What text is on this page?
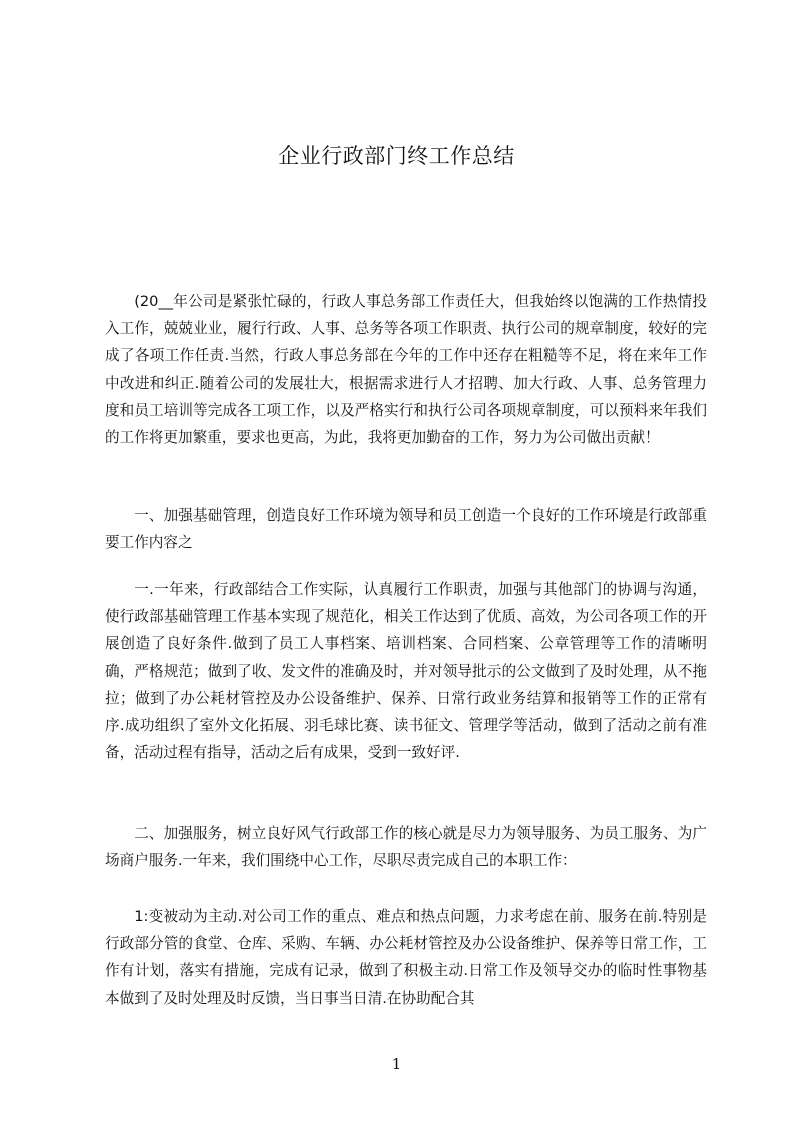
企业行政部门终工作总结

(20__年公司是紧张忙碌的，行政人事总务部工作责任大，但我始终以饱满的工作热情投入工作，兢兢业业，履行行政、人事、总务等各项工作职责、执行公司的规章制度，较好的完成了各项工作任责.当然，行政人事总务部在今年的工作中还存在粗糙等不足，将在来年工作中改进和纠正.随着公司的发展壮大，根据需求进行人才招聘、加大行政、人事、总务管理力度和员工培训等完成各工项工作，以及严格实行和执行公司各项规章制度，可以预料来年我们的工作将更加繁重，要求也更高，为此，我将更加勤奋的工作，努力为公司做出贡献！

一、加强基础管理，创造良好工作环境为领导和员工创造一个良好的工作环境是行政部重要工作内容之

一.一年来，行政部结合工作实际，认真履行工作职责，加强与其他部门的协调与沟通，使行政部基础管理工作基本实现了规范化，相关工作达到了优质、高效，为公司各项工作的开展创造了良好条件.做到了员工人事档案、培训档案、合同档案、公章管理等工作的清晰明确，严格规范；做到了收、发文件的准确及时，并对领导批示的公文做到了及时处理，从不拖拉；做到了办公耗材管控及办公设备维护、保养、日常行政业务结算和报销等工作的正常有序.成功组织了室外文化拓展、羽毛球比赛、读书征文、管理学等活动，做到了活动之前有准备，活动过程有指导，活动之后有成果，受到一致好评.

二、加强服务，树立良好风气行政部工作的核心就是尽力为领导服务、为员工服务、为广场商户服务.一年来，我们围绕中心工作，尽职尽责完成自己的本职工作：

1:变被动为主动.对公司工作的重点、难点和热点问题，力求考虑在前、服务在前.特别是行政部分管的食堂、仓库、采购、车辆、办公耗材管控及办公设备维护、保养等日常工作，工作有计划，落实有措施，完成有记录，做到了积极主动.日常工作及领导交办的临时性事物基本做到了及时处理及时反馈，当日事当日清.在协助配合其

1
